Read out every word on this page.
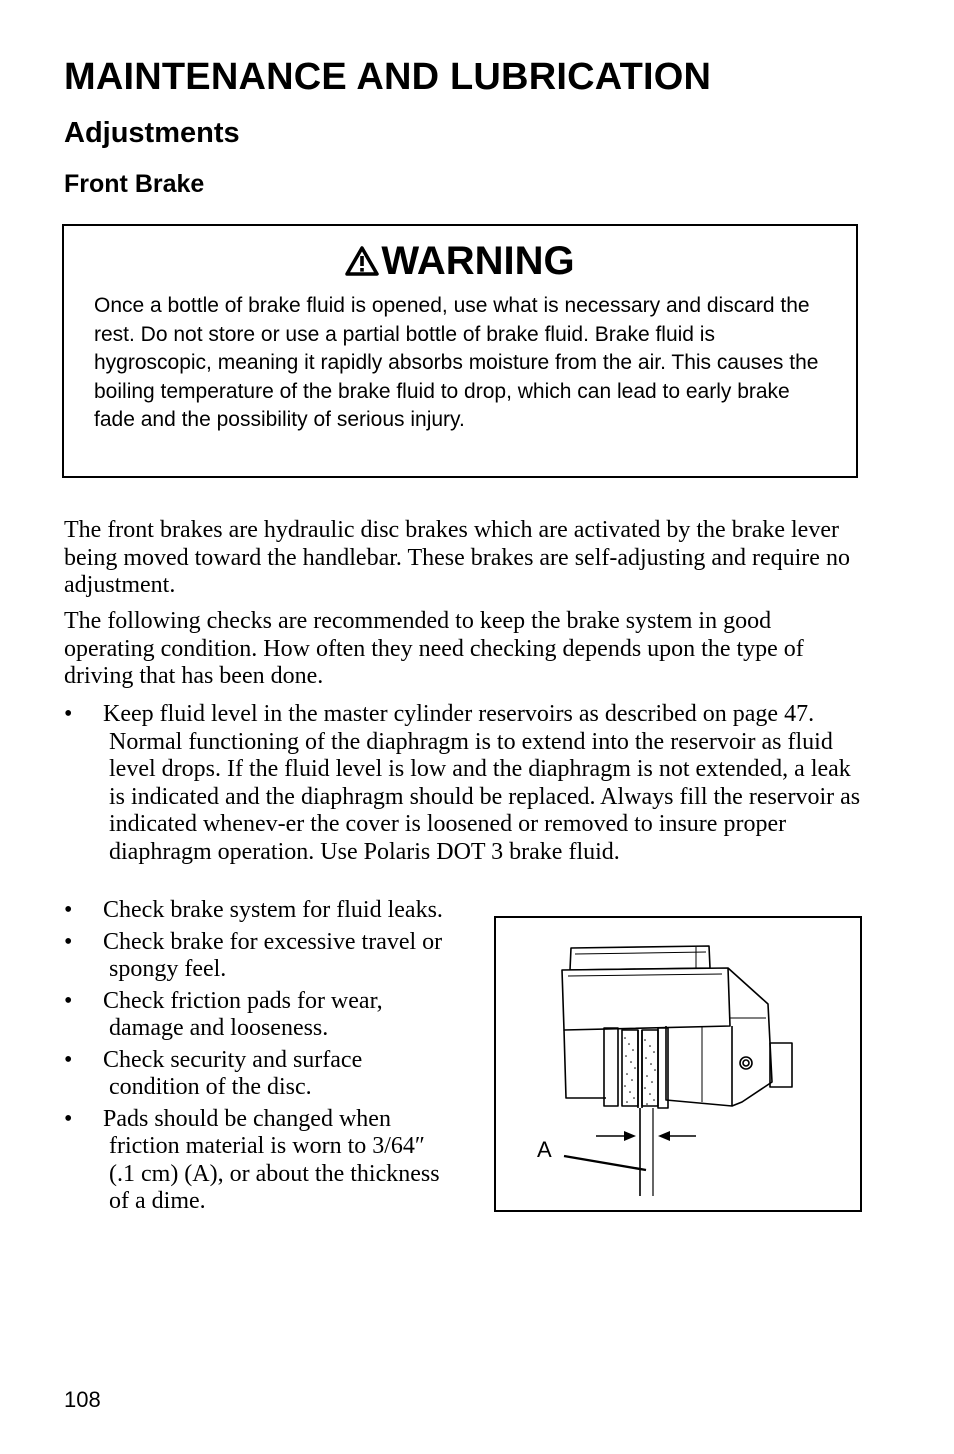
MAINTENANCE AND LUBRICATION
Adjustments
Front Brake
WARNING
Once a bottle of brake fluid is opened, use what is necessary and discard the rest. Do not store or use a partial bottle of brake fluid. Brake fluid is hygroscopic, meaning it rapidly absorbs moisture from the air. This causes the boiling temperature of the brake fluid to drop, which can lead to early brake fade and the possibility of serious injury.
The front brakes are hydraulic disc brakes which are activated by the brake lever being moved toward the handlebar. These brakes are self-adjusting and require no adjustment.
The following checks are recommended to keep the brake system in good operating condition. How often they need checking depends upon the type of driving that has been done.
• Keep fluid level in the master cylinder reservoirs as described on page 47. Normal functioning of the diaphragm is to extend into the reservoir as fluid level drops. If the fluid level is low and the diaphragm is not extended, a leak is indicated and the diaphragm should be replaced. Always fill the reservoir as indicated whenev-er the cover is loosened or removed to insure proper diaphragm operation. Use Polaris DOT 3 brake fluid.
• Check brake system for fluid leaks.
• Check brake for excessive travel or spongy feel.
• Check friction pads for wear, damage and looseness.
• Check security and surface condition of the disc.
• Pads should be changed when friction material is worn to 3/64″ (.1 cm) (A), or about the thickness of a dime.
A
108
